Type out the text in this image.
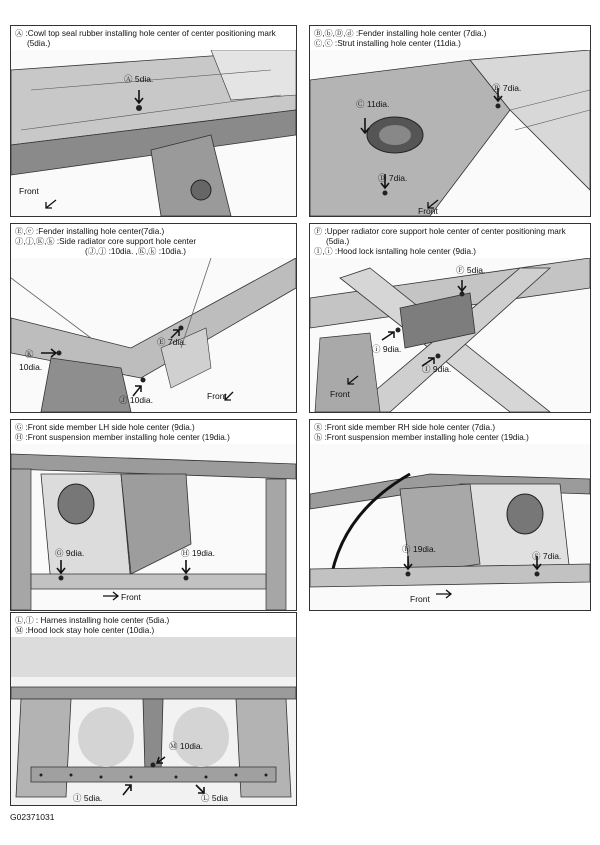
Ⓐ :Cowl top seal rubber installing hole center of center positioning mark
(5dia.)
Ⓐ 5dia.
Front
Ⓑ,ⓑ,Ⓓ,ⓓ :Fender installing hole center (7dia.)
Ⓒ,ⓒ :Strut installing hole center (11dia.)
Ⓑ 7dia.
Ⓒ 11dia.
Ⓓ 7dia.
Front
Ⓔ,ⓔ :Fender installing hole center(7dia.)
Ⓙ,ⓙ,Ⓚ,ⓚ :Side radiator core support hole center
(Ⓙ,ⓙ :10dia. ,Ⓚ,ⓚ :10dia.)
Ⓔ 7dia.
Ⓚ
10dia.
Ⓙ 10dia.	Front
Ⓕ :Upper radiator core support hole center of center positioning mark
(5dia.)
Ⓘ,ⓘ :Hood lock isntalling hole center (9dia.)
Ⓕ 5dia.
ⓘ 9dia.
Ⓘ 9dia.
Front
Ⓖ :Front side member LH side hole center (9dia.)
Ⓗ :Front suspension member installing hole center (19dia.)
Ⓖ 9dia.	Ⓗ 19dia.
Front
ⓖ :Front side member RH side hole center (7dia.)
ⓗ :Front suspension member installing hole center (19dia.)
ⓗ 19dia.
ⓖ 7dia.
Front
Ⓛ,ⓛ : Harnes installing hole center (5dia.)
Ⓜ :Hood lock stay hole center (10dia.)
Ⓜ 10dia.
ⓛ 5dia.	Ⓛ 5dia
G02371031
